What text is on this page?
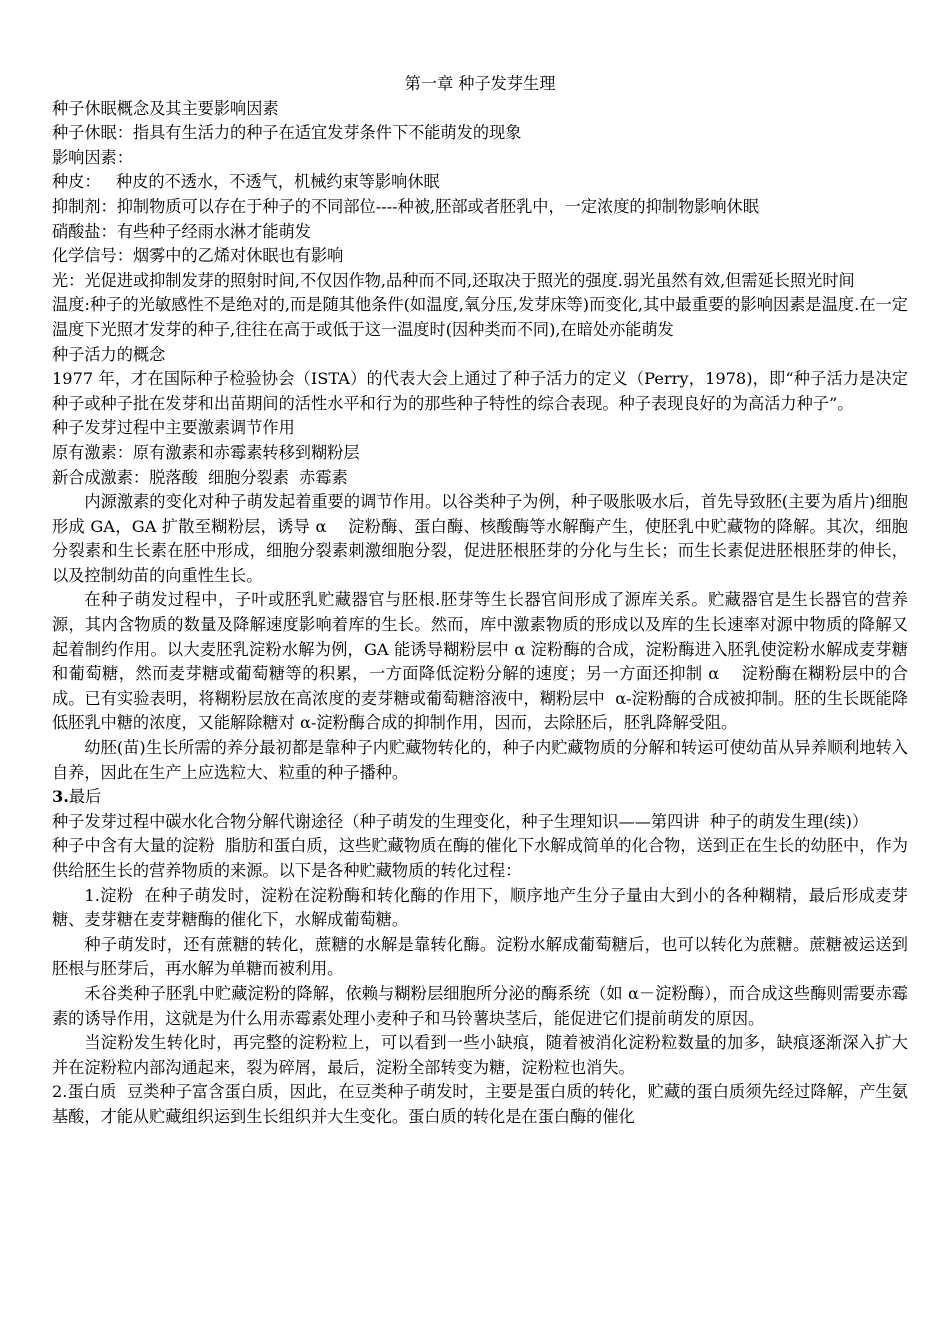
第一章 种子发芽生理

种子休眠概念及其主要影响因素

种子休眠：指具有生活力的种子在适宜发芽条件下不能萌发的现象

影响因素：

种皮：   种皮的不透水，不透气，机械约束等影响休眠

抑制剂：抑制物质可以存在于种子的不同部位----种被,胚部或者胚乳中，一定浓度的抑制物影响休眠

硝酸盐：有些种子经雨水淋才能萌发

化学信号：烟雾中的乙烯对休眠也有影响

光：光促进或抑制发芽的照射时间,不仅因作物,品种而不同,还取决于照光的强度.弱光虽然有效,但需延长照光时间

温度:种子的光敏感性不是绝对的,而是随其他条件(如温度,氧分压,发芽床等)而变化,其中最重要的影响因素是温度.在一定温度下光照才发芽的种子,往往在高于或低于这一温度时(因种类而不同),在暗处亦能萌发

种子活力的概念

1977 年，才在国际种子检验协会（ISTA）的代表大会上通过了种子活力的定义（Perry，1978)，即“种子活力是决定种子或种子批在发芽和出苗期间的活性水平和行为的那些种子特性的综合表现。种子表现良好的为高活力种子”。

种子发芽过程中主要激素调节作用

原有激素：原有激素和赤霉素转移到糊粉层

新合成激素：脱落酸  细胞分裂素  赤霉素

内源激素的变化对种子萌发起着重要的调节作用。以谷类种子为例，种子吸胀吸水后，首先导致胚(主要为盾片)细胞形成 GA，GA 扩散至糊粉层，诱导 α    淀粉酶、蛋白酶、核酸酶等水解酶产生，使胚乳中贮藏物的降解。其次，细胞分裂素和生长素在胚中形成，细胞分裂素刺激细胞分裂，促进胚根胚芽的分化与生长；而生长素促进胚根胚芽的伸长，以及控制幼苗的向重性生长。

在种子萌发过程中，子叶或胚乳贮藏器官与胚根.胚芽等生长器官间形成了源库关系。贮藏器官是生长器官的营养源，其内含物质的数量及降解速度影响着库的生长。然而，库中激素物质的形成以及库的生长速率对源中物质的降解又起着制约作用。以大麦胚乳淀粉水解为例，GA 能诱导糊粉层中 α 淀粉酶的合成，淀粉酶进入胚乳使淀粉水解成麦芽糖和葡萄糖，然而麦芽糖或葡萄糖等的积累，一方面降低淀粉分解的速度；另一方面还抑制 α    淀粉酶在糊粉层中的合成。已有实验表明，将糊粉层放在高浓度的麦芽糖或葡萄糖溶液中，糊粉层中  α-淀粉酶的合成被抑制。胚的生长既能降低胚乳中糖的浓度，又能解除糖对 α-淀粉酶合成的抑制作用，因而，去除胚后，胚乳降解受阻。

幼胚(苗)生长所需的养分最初都是靠种子内贮藏物转化的，种子内贮藏物质的分解和转运可使幼苗从异养顺利地转入自养，因此在生产上应选粒大、粒重的种子播种。

3.最后

种子发芽过程中碳水化合物分解代谢途径（种子萌发的生理变化，种子生理知识——第四讲  种子的萌发生理(续)）

种子中含有大量的淀粉  脂肪和蛋白质，这些贮藏物质在酶的催化下水解成简单的化合物，送到正在生长的幼胚中，作为供给胚生长的营养物质的来源。以下是各种贮藏物质的转化过程：

1.淀粉  在种子萌发时，淀粉在淀粉酶和转化酶的作用下，顺序地产生分子量由大到小的各种糊精，最后形成麦芽糖、麦芽糖在麦芽糖酶的催化下，水解成葡萄糖。

种子萌发时，还有蔗糖的转化，蔗糖的水解是靠转化酶。淀粉水解成葡萄糖后，也可以转化为蔗糖。蔗糖被运送到胚根与胚芽后，再水解为单糖而被利用。

禾谷类种子胚乳中贮藏淀粉的降解，依赖与糊粉层细胞所分泌的酶系统（如 α－淀粉酶），而合成这些酶则需要赤霉素的诱导作用，这就是为什么用赤霉素处理小麦种子和马铃薯块茎后，能促进它们提前萌发的原因。

当淀粉发生转化时，再完整的淀粉粒上，可以看到一些小缺痕，随着被消化淀粉粒数量的加多，缺痕逐渐深入扩大并在淀粉粒内部沟通起来，裂为碎屑，最后，淀粉全部转变为糖，淀粉粒也消失。

2.蛋白质  豆类种子富含蛋白质，因此，在豆类种子萌发时，主要是蛋白质的转化，贮藏的蛋白质须先经过降解，产生氨基酸，才能从贮藏组织运到生长组织并大生变化。蛋白质的转化是在蛋白酶的催化
